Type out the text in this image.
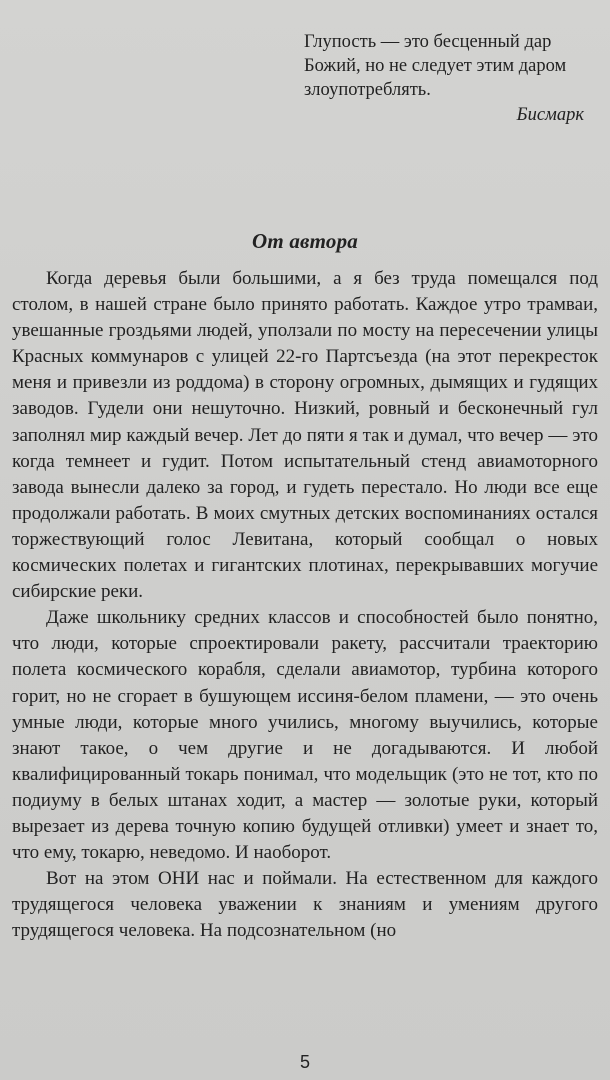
Глупость — это бесценный дар Божий, но не следует этим даром злоупотреблять.

Бисмарк

От автора

Когда деревья были большими, а я без труда помещался под столом, в нашей стране было принято работать. Каждое утро трамваи, увешанные гроздьями людей, уползали по мосту на пересечении улицы Красных коммунаров с улицей 22-го Партсъезда (на этот перекресток меня и привезли из роддома) в сторону огромных, дымящих и гудящих заводов. Гудели они нешуточно. Низкий, ровный и бесконечный гул заполнял мир каждый вечер. Лет до пяти я так и думал, что вечер — это когда темнеет и гудит. Потом испытательный стенд авиамоторного завода вынесли далеко за город, и гудеть перестало. Но люди все еще продолжали работать. В моих смутных детских воспоминаниях остался торжествующий голос Левитана, который сообщал о новых космических полетах и гигантских плотинах, перекрывавших могучие сибирские реки.

Даже школьнику средних классов и способностей было понятно, что люди, которые спроектировали ракету, рассчитали траекторию полета космического корабля, сделали авиамотор, турбина которого горит, но не сгорает в бушующем иссиня-белом пламени, — это очень умные люди, которые много учились, многому выучились, которые знают такое, о чем другие и не догадываются. И любой квалифицированный токарь понимал, что модельщик (это не тот, кто по подиуму в белых штанах ходит, а мастер — золотые руки, который вырезает из дерева точную копию будущей отливки) умеет и знает то, что ему, токарю, неведомо. И наоборот.

Вот на этом ОНИ нас и поймали. На естественном для каждого трудящегося человека уважении к знаниям и умениям другого трудящегося человека. На подсознательном (но

5
